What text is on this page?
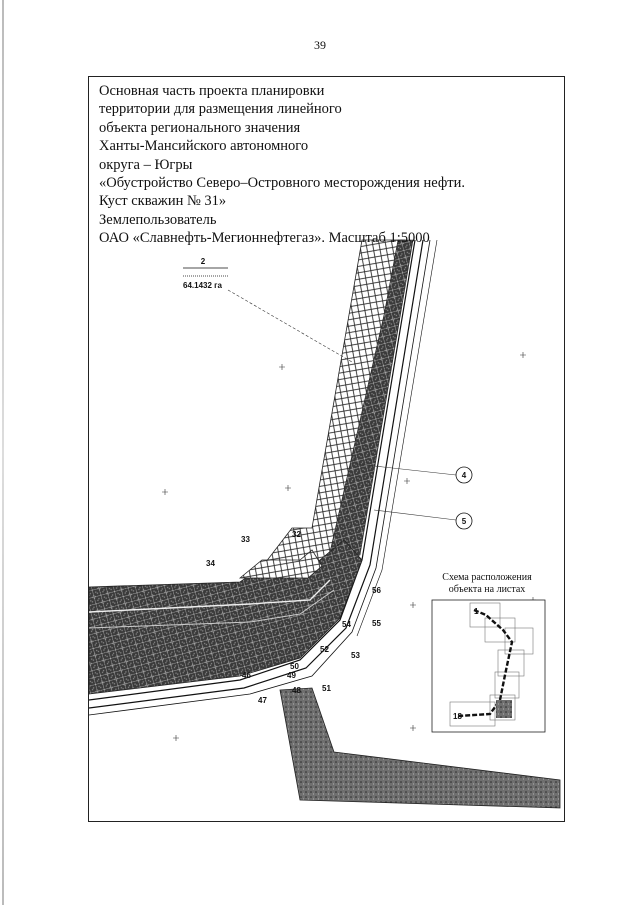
39
Основная часть проекта планировки
территории для размещения линейного
объекта регионального значения
Ханты-Мансийского автономного
округа – Югры
«Обустройство Северо–Островного месторождения нефти.
Куст скважин № 31»
Землепользователь
ОАО «Славнефть-Мегионнефтегаз». Масштаб 1:5000
2
64.1432 га
4
5
32
33
34
46
47
48
49
50
51
52
53
54	55
56
Схема расположения
объекта на листах
1
18
